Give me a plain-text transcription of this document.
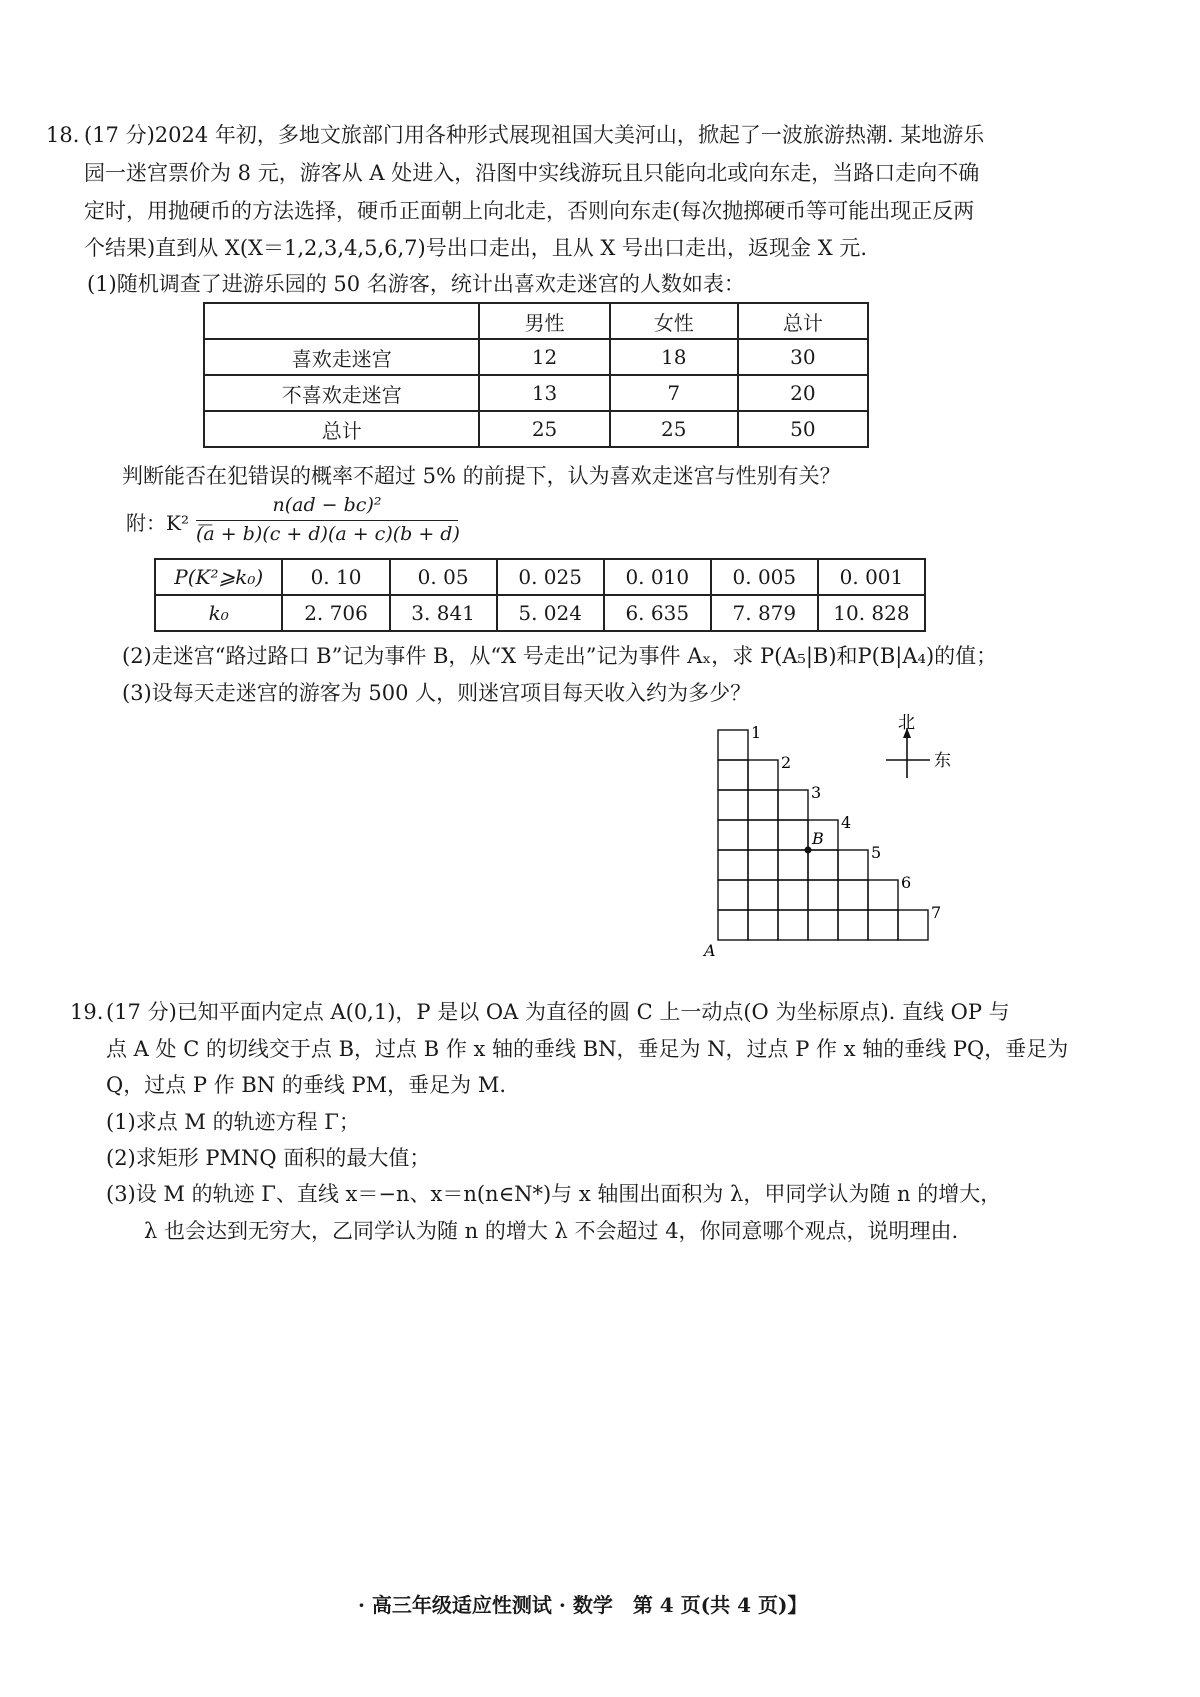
18. (17 分)2024 年初，多地文旅部门用各种形式展现祖国大美河山，掀起了一波旅游热潮. 某地游乐
园一迷宫票价为 8 元，游客从 A 处进入，沿图中实线游玩且只能向北或向东走，当路口走向不确
定时，用抛硬币的方法选择，硬币正面朝上向北走，否则向东走(每次抛掷硬币等可能出现正反两
个结果)直到从 X(X＝1,2,3,4,5,6,7)号出口走出，且从 X 号出口走出，返现金 X 元.
(1)随机调查了进游乐园的 50 名游客，统计出喜欢走迷宫的人数如表：
	男性	女性	总计
喜欢走迷宫	12	18	30
不喜欢走迷宫	13	7	20
总计	25	25	50
判断能否在犯错误的概率不超过 5% 的前提下，认为喜欢走迷宫与性别有关？
附：K² ＝
n(ad − bc)²
(a + b)(c + d)(a + c)(b + d)
P(K²⩾k₀)	0. 10	0. 05	0. 025	0. 010	0. 005	0. 001
k₀	2. 706	3. 841	5. 024	6. 635	7. 879	10. 828
(2)走迷宫“路过路口 B”记为事件 B，从“X 号走出”记为事件 Aₓ，求 P(A₅|B)和P(B|A₄)的值；
(3)设每天走迷宫的游客为 500 人，则迷宫项目每天收入约为多少？
1
2
3
4
5
6
7
B
A
北
东
19. (17 分)已知平面内定点 A(0,1)，P 是以 OA 为直径的圆 C 上一动点(O 为坐标原点). 直线 OP 与
点 A 处 C 的切线交于点 B，过点 B 作 x 轴的垂线 BN，垂足为 N，过点 P 作 x 轴的垂线 PQ，垂足为
Q，过点 P 作 BN 的垂线 PM，垂足为 M.
(1)求点 M 的轨迹方程 Γ；
(2)求矩形 PMNQ 面积的最大值；
(3)设 M 的轨迹 Γ、直线 x＝−n、x＝n(n∈N*)与 x 轴围出面积为 λ，甲同学认为随 n 的增大，
λ 也会达到无穷大，乙同学认为随 n 的增大 λ 不会超过 4，你同意哪个观点，说明理由.
· 高三年级适应性测试 · 数学　第 4 页(共 4 页)】
